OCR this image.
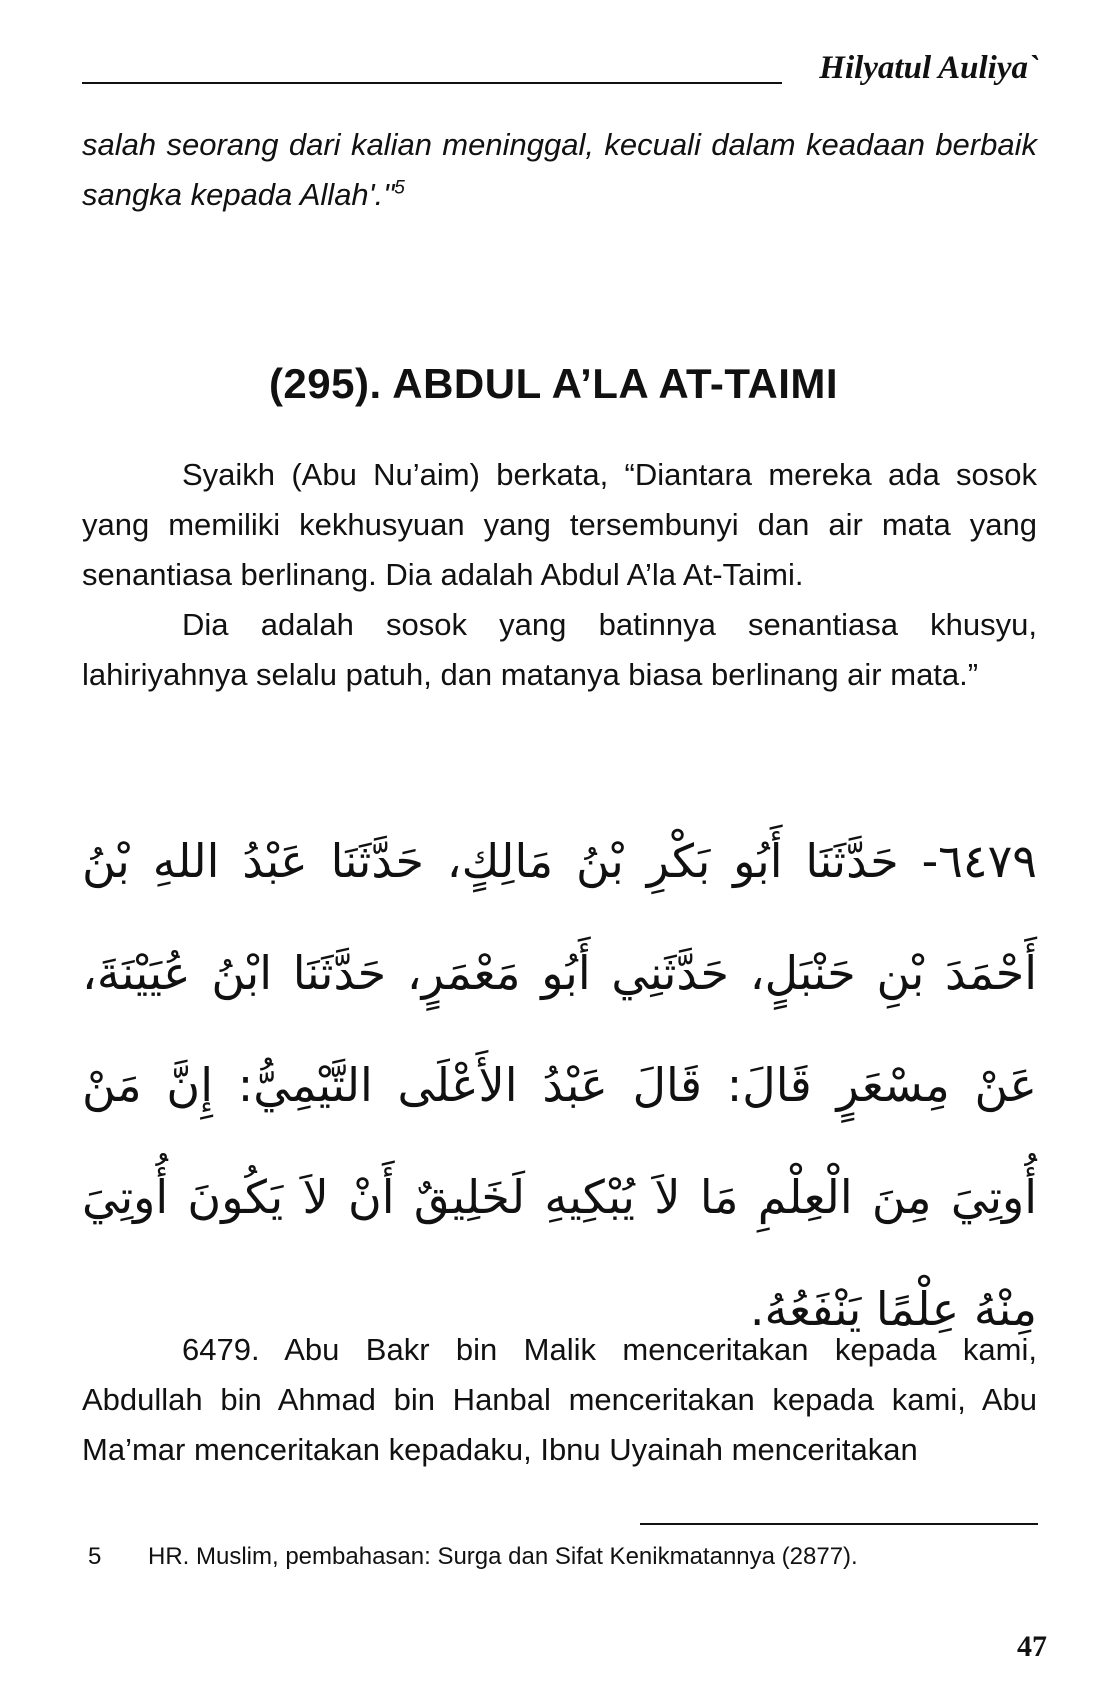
Hilyatul Auliya`

salah seorang dari kalian meninggal, kecuali dalam keadaan berbaik sangka kepada Allah'."$^5$

(295). ABDUL A’LA AT-TAIMI

Syaikh (Abu Nu’aim) berkata, “Diantara mereka ada sosok yang memiliki kekhusyuan yang tersembunyi dan air mata yang senantiasa berlinang. Dia adalah Abdul A’la At-Taimi.

Dia adalah sosok yang batinnya senantiasa khusyu, lahiriyahnya selalu patuh, dan matanya biasa berlinang air mata.”

٦٤٧٩- حَدَّثَنَا أَبُو بَكْرِ بْنُ مَالِكٍ، حَدَّثَنَا عَبْدُ اللهِ بْنُ أَحْمَدَ بْنِ حَنْبَلٍ، حَدَّثَنِي أَبُو مَعْمَرٍ، حَدَّثَنَا ابْنُ عُيَيْنَةَ، عَنْ مِسْعَرٍ قَالَ: قَالَ عَبْدُ الأَعْلَى التَّيْمِيُّ: إِنَّ مَنْ أُوتِيَ مِنَ الْعِلْمِ مَا لاَ يُبْكِيهِ لَخَلِيقٌ أَنْ لاَ يَكُونَ أُوتِيَ مِنْهُ عِلْمًا يَنْفَعُهُ.

6479. Abu Bakr bin Malik menceritakan kepada kami, Abdullah bin Ahmad bin Hanbal menceritakan kepada kami, Abu Ma’mar menceritakan kepadaku, Ibnu Uyainah menceritakan

5 HR. Muslim, pembahasan: Surga dan Sifat Kenikmatannya (2877).
47
